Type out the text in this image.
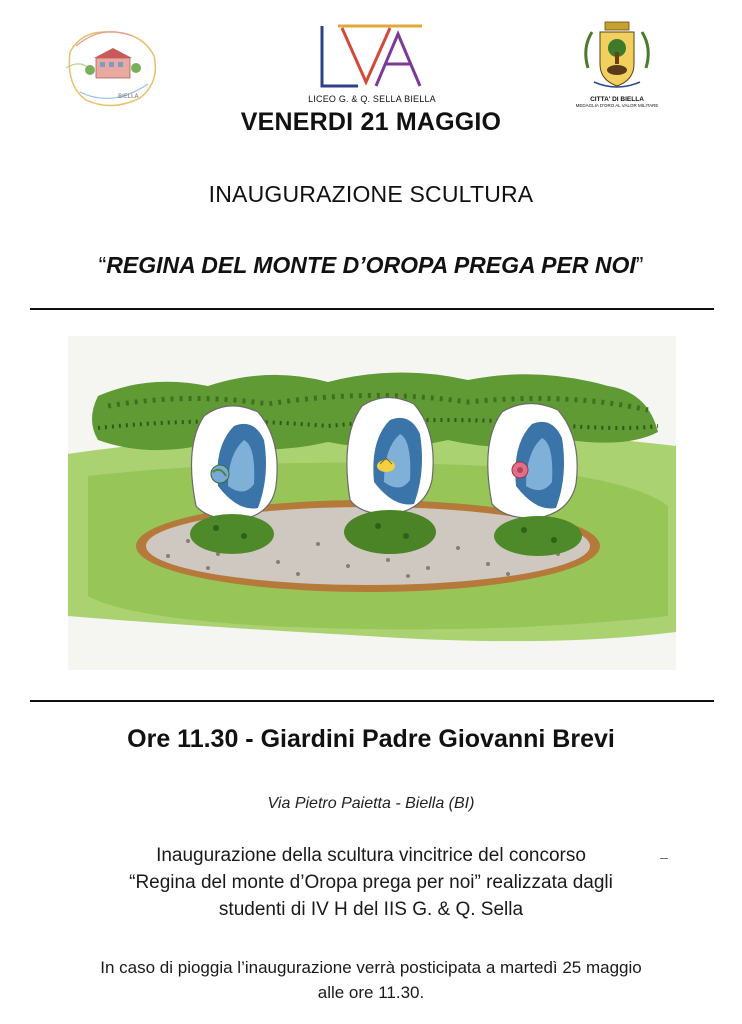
BIELLA	LICEO G. & Q. SELLA BIELLA	CITTA' DI BIELLA
MEDAGLIA D'ORO AL VALOR MILITARE
VENERDI 21 MAGGIO
INAUGURAZIONE SCULTURA
“REGINA DEL MONTE D’OROPA PREGA PER NOI”
Ore 11.30 - Giardini Padre Giovanni Brevi
Via Pietro Paietta - Biella (BI)
Inaugurazione della scultura vincitrice del concorso
“Regina del monte d’Oropa prega per noi” realizzata dagli
studenti di IV H del IIS G. & Q. Sella
In caso di pioggia l’inaugurazione verrà posticipata a martedì 25 maggio
alle ore 11.30.
